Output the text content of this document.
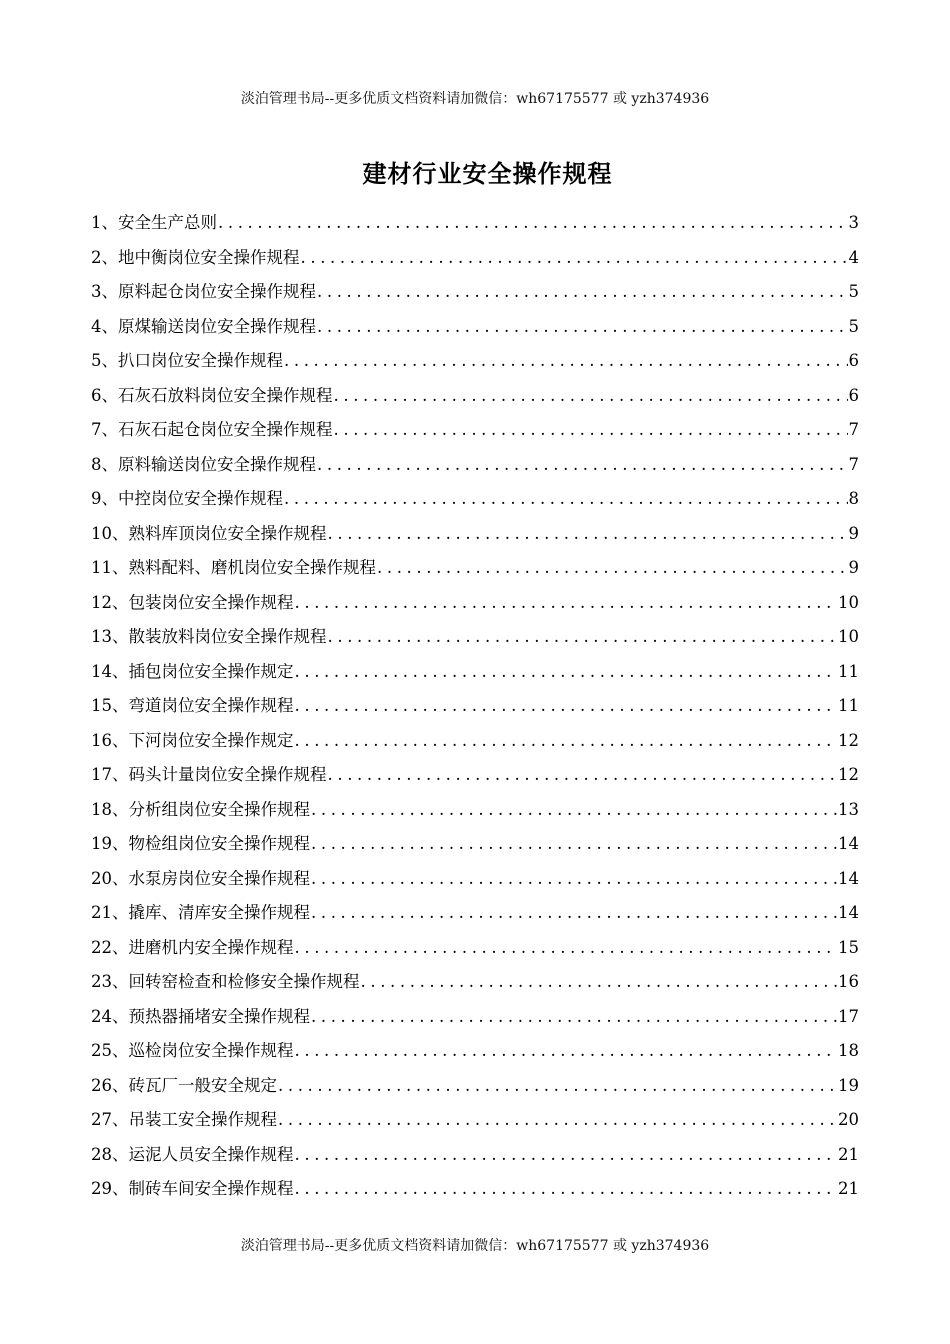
淡泊管理书局--更多优质文档资料请加微信：wh67175577 或 yzh374936
建材行业安全操作规程
1、安全生产总则 .....	3
2、地中衡岗位安全操作规程 .....	4
3、原料起仓岗位安全操作规程 .....	5
4、原煤输送岗位安全操作规程 .....	5
5、扒口岗位安全操作规程 .....	6
6、石灰石放料岗位安全操作规程 .....	6
7、石灰石起仓岗位安全操作规程 .....	7
8、原料输送岗位安全操作规程 .....	7
9、中控岗位安全操作规程 .....	8
10、熟料库顶岗位安全操作规程 .....	9
11、熟料配料、磨机岗位安全操作规程 .....	9
12、包装岗位安全操作规程 .....	10
13、散装放料岗位安全操作规程 .....	10
14、插包岗位安全操作规定 .....	11
15、弯道岗位安全操作规程 .....	11
16、下河岗位安全操作规定 .....	12
17、码头计量岗位安全操作规程 .....	12
18、分析组岗位安全操作规程 .....	13
19、物检组岗位安全操作规程 .....	14
20、水泵房岗位安全操作规程 .....	14
21、撬库、清库安全操作规程 .....	14
22、进磨机内安全操作规程 .....	15
23、回转窑检查和检修安全操作规程 .....	16
24、预热器捅堵安全操作规程 .....	17
25、巡检岗位安全操作规程 .....	18
26、砖瓦厂一般安全规定 .....	19
27、吊装工安全操作规程 .....	20
28、运泥人员安全操作规程 .....	21
29、制砖车间安全操作规程 .....	21
淡泊管理书局--更多优质文档资料请加微信：wh67175577 或 yzh374936
